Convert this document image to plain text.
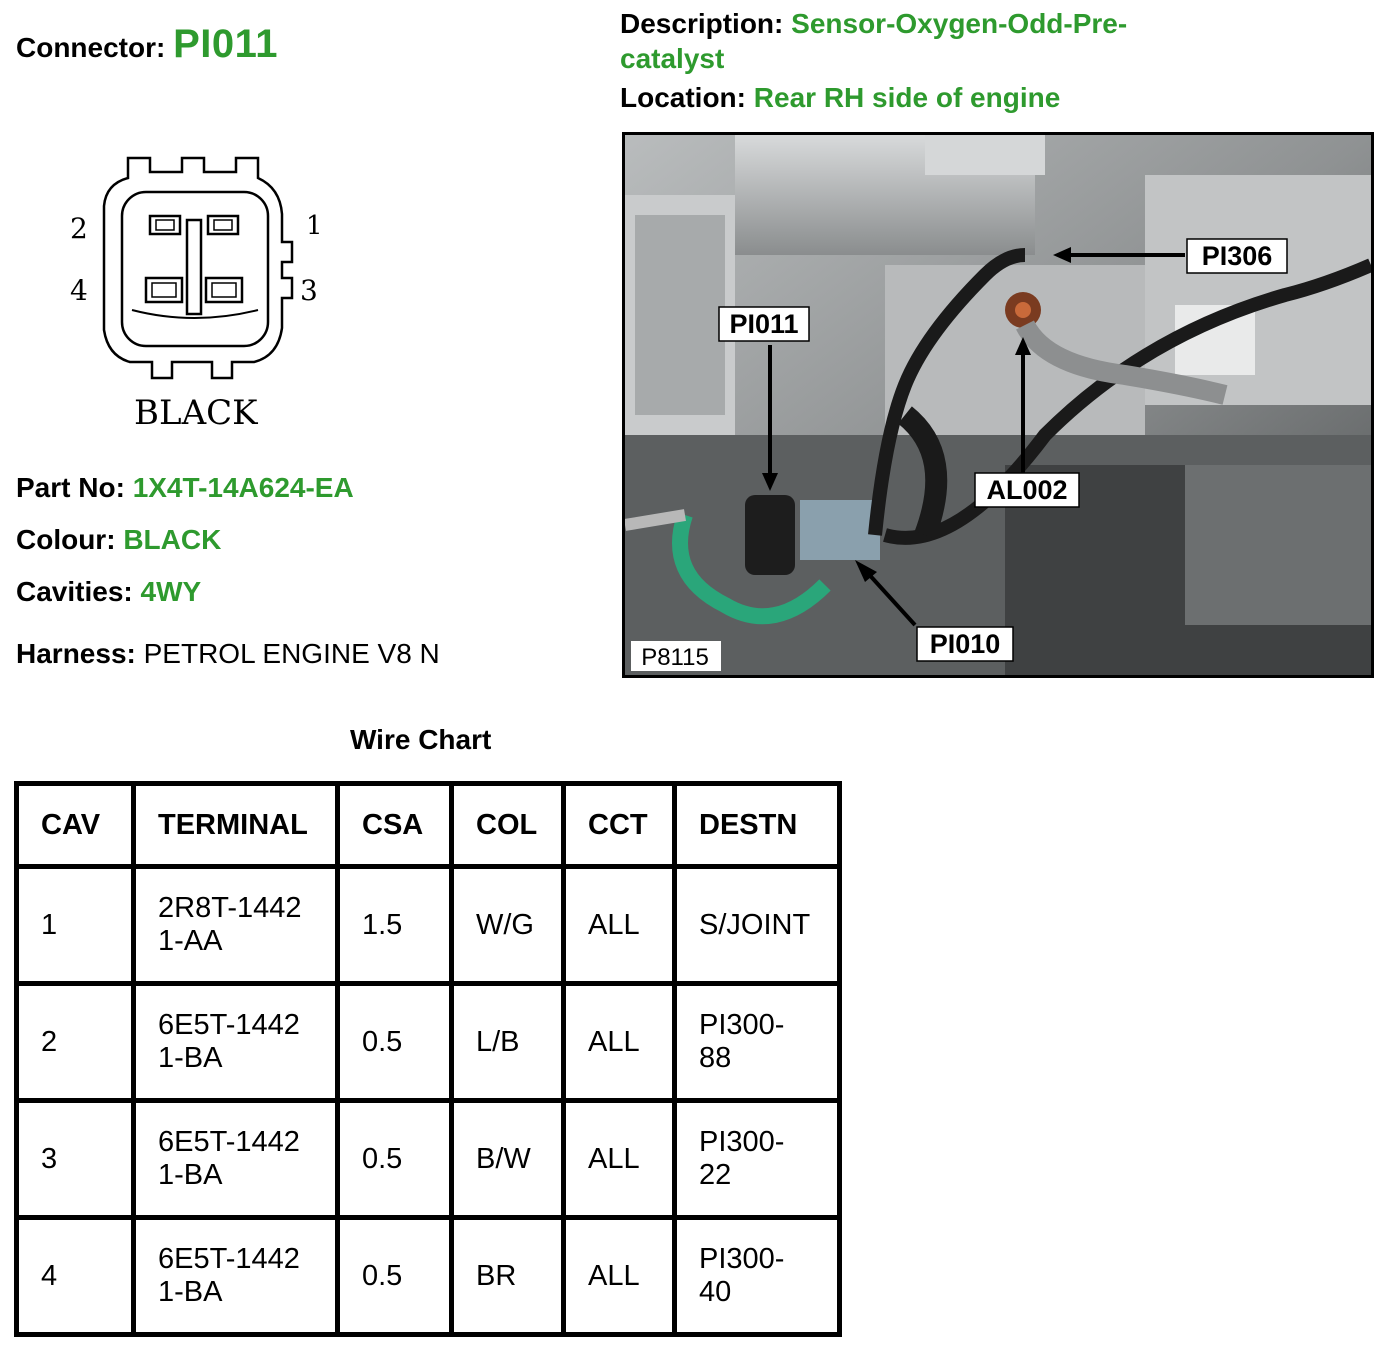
Connector: PI011	Description: Sensor-Oxygen-Odd-Pre-catalyst
Location: Rear RH side of engine
2	1
4	3
BLACK
Part No: 1X4T-14A624-EA
Colour: BLACK
Cavities: 4WY
Harness: PETROL ENGINE V8 N
PI306
PI011
AL002
PI010
P8115
Wire Chart
CAV	TERMINAL	CSA	COL	CCT	DESTN
1	2R8T-14421-AA	1.5	W/G	ALL	S/JOINT
2	6E5T-14421-BA	0.5	L/B	ALL	PI300-88

3	6E5T-14421-BA	0.5	B/W	ALL	PI300-22

4	6E5T-14421-BA	0.5	BR	ALL	PI300-40
